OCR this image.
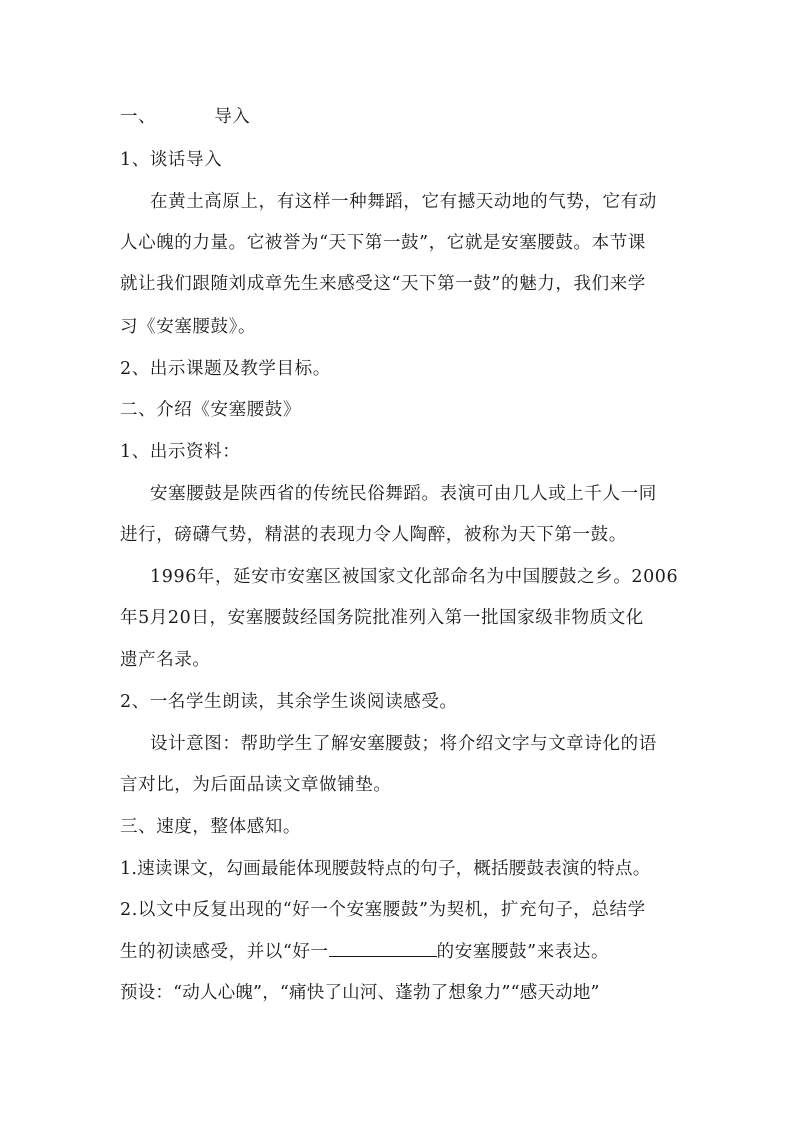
一、	导入
1、谈话导入
在黄土高原上，有这样一种舞蹈，它有撼天动地的气势，它有动
人心魄的力量。它被誉为“天下第一鼓”，它就是安塞腰鼓。本节课
就让我们跟随刘成章先生来感受这“天下第一鼓”的魅力，我们来学
习《安塞腰鼓》。
2、出示课题及教学目标。
二、介绍《安塞腰鼓》
1、出示资料：
安塞腰鼓是陕西省的传统民俗舞蹈。表演可由几人或上千人一同
进行，磅礴气势，精湛的表现力令人陶醉，被称为天下第一鼓。
1996年，延安市安塞区被国家文化部命名为中国腰鼓之乡。2006
年5月20日，安塞腰鼓经国务院批准列入第一批国家级非物质文化
遗产名录。
2、一名学生朗读，其余学生谈阅读感受。
设计意图：帮助学生了解安塞腰鼓；将介绍文字与文章诗化的语
言对比，为后面品读文章做铺垫。
三、速度，整体感知。
1.速读课文，勾画最能体现腰鼓特点的句子，概括腰鼓表演的特点。
2.以文中反复出现的“好一个安塞腰鼓”为契机，扩充句子，总结学
生的初读感受，并以“好一	的安塞腰鼓”来表达。
预设：“动人心魄”，“痛快了山河、蓬勃了想象力”“感天动地”
